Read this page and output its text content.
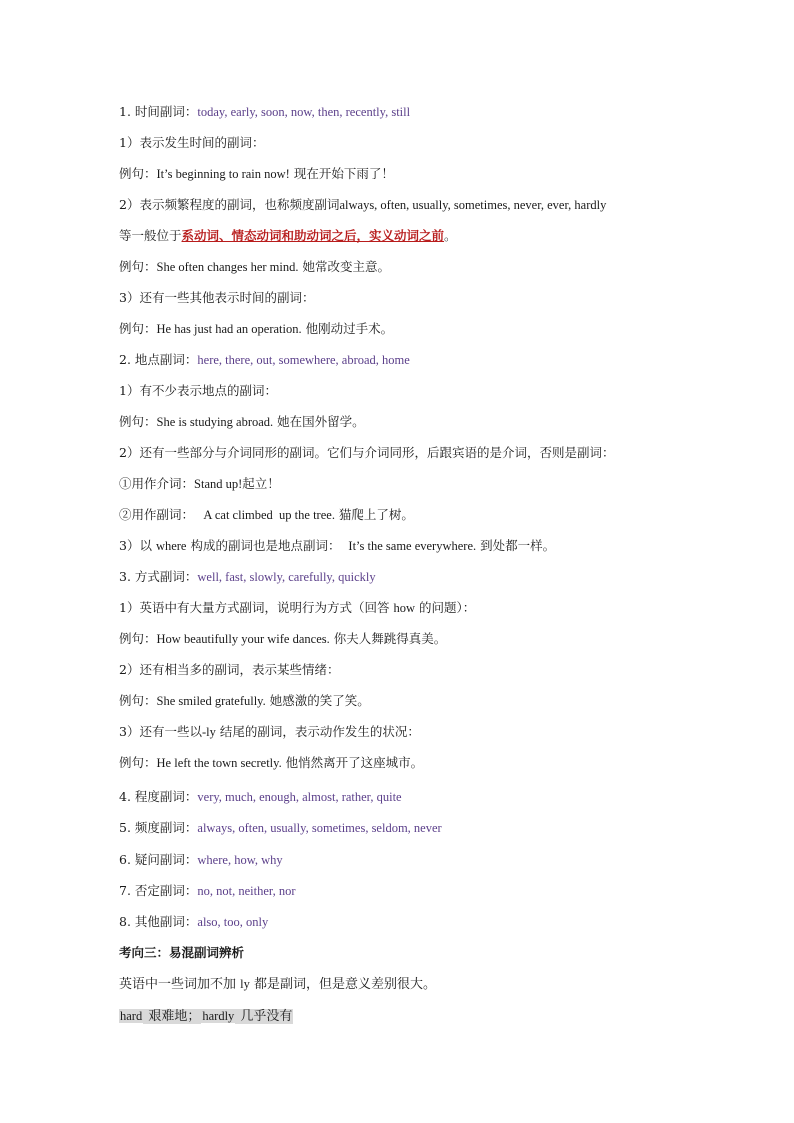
1. 时间副词：today, early, soon, now, then, recently, still
1）表示发生时间的副词：
例句：It’s beginning to rain now! 现在开始下雨了！
2）表示频繁程度的副词，也称频度副词always, often, usually, sometimes, never, ever, hardly
等一般位于系动词、情态动词和助动词之后，实义动词之前。
例句：She often changes her mind. 她常改变主意。
3）还有一些其他表示时间的副词：
例句：He has just had an operation. 他刚动过手术。
2. 地点副词：here, there, out, somewhere, abroad, home
1）有不少表示地点的副词：
例句：She is studying abroad. 她在国外留学。
2）还有一些部分与介词同形的副词。它们与介词同形，后跟宾语的是介词，否则是副词：
①用作介词：Stand up!起立！
②用作副词：   A cat climbed  up the tree. 猫爬上了树。
3）以 where 构成的副词也是地点副词：  It’s the same everywhere. 到处都一样。
3. 方式副词：well, fast, slowly, carefully, quickly
1）英语中有大量方式副词，说明行为方式（回答 how 的问题）：
例句：How beautifully your wife dances. 你夫人舞跳得真美。
2）还有相当多的副词，表示某些情绪：
例句：She smiled gratefully. 她感激的笑了笑。
3）还有一些以-ly 结尾的副词，表示动作发生的状况：
例句：He left the town secretly. 他悄然离开了这座城市。
4. 程度副词：very, much, enough, almost, rather, quite
5. 频度副词：always, often, usually, sometimes, seldom, never
6. 疑问副词：where, how, why
7. 否定副词：no, not, neither, nor
8. 其他副词：also, too, only
考向三：易混副词辨析
英语中一些词加不加 ly 都是副词，但是意义差别很大。
hard 艰难地； hardly 几乎没有
